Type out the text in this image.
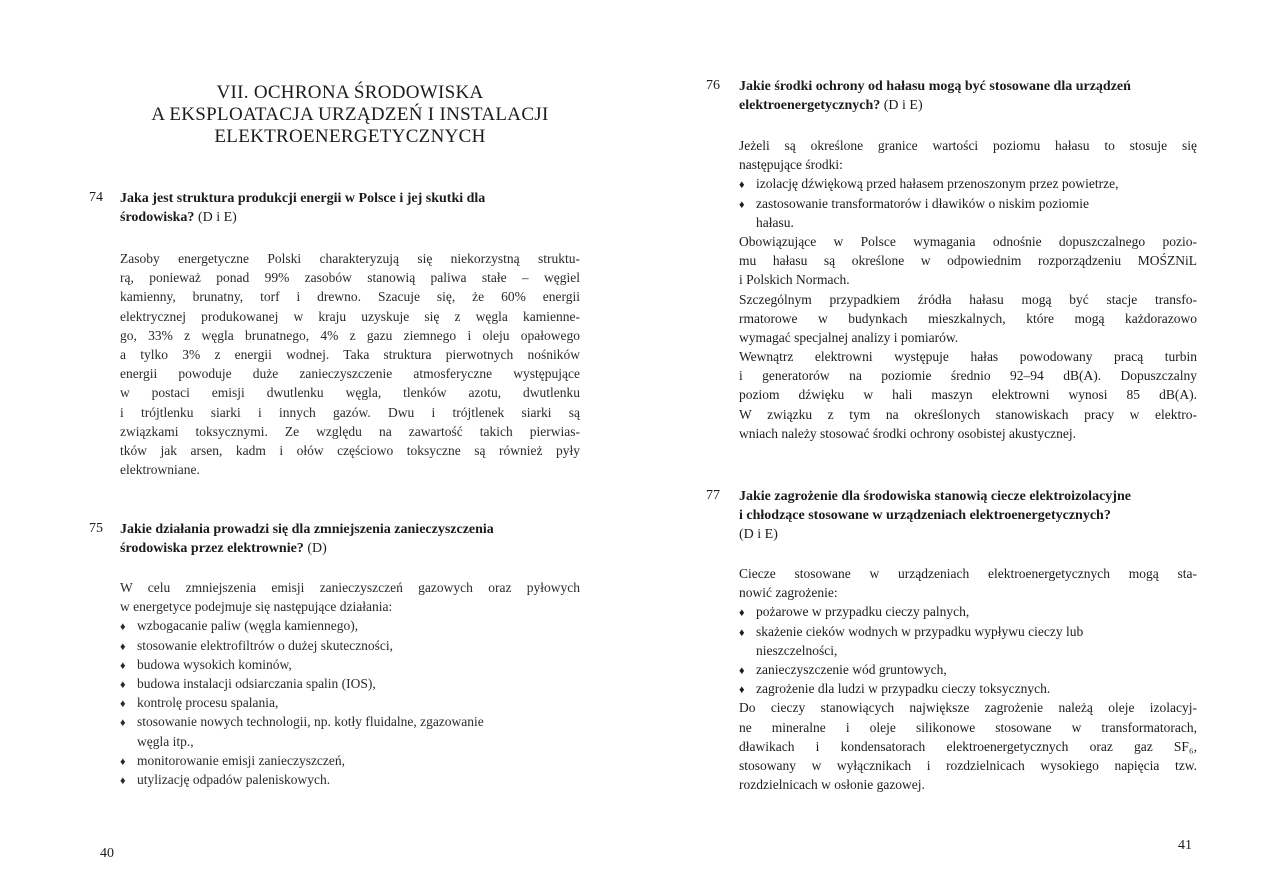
VII. OCHRONA ŚRODOWISKA
A EKSPLOATACJA URZĄDZEŃ I INSTALACJI
ELEKTROENERGETYCZNYCH
74 Jaka jest struktura produkcji energii w Polsce i jej skutki dla
środowiska? (D i E)
Zasoby energetyczne Polski charakteryzują się niekorzystną struktu-
rą, ponieważ ponad 99% zasobów stanowią paliwa stałe – węgiel
kamienny, brunatny, torf i drewno. Szacuje się, że 60% energii
elektrycznej produkowanej w kraju uzyskuje się z węgla kamienne-
go, 33% z węgla brunatnego, 4% z gazu ziemnego i oleju opałowego
a tylko 3% z energii wodnej. Taka struktura pierwotnych nośników
energii powoduje duże zanieczyszczenie atmosferyczne występujące
w postaci emisji dwutlenku węgla, tlenków azotu, dwutlenku
i trójtlenku siarki i innych gazów. Dwu i trójtlenek siarki są
związkami toksycznymi. Ze względu na zawartość takich pierwias-
tków jak arsen, kadm i ołów częściowo toksyczne są również pyły
elektrowniane.
75 Jakie działania prowadzi się dla zmniejszenia zanieczyszczenia
środowiska przez elektrownie? (D)
W celu zmniejszenia emisji zanieczyszczeń gazowych oraz pyłowych
w energetyce podejmuje się następujące działania:
♦ wzbogacanie paliw (węgla kamiennego),
♦ stosowanie elektrofiltrów o dużej skuteczności,
♦ budowa wysokich kominów,
♦ budowa instalacji odsiarczania spalin (IOS),
♦ kontrolę procesu spalania,
♦ stosowanie nowych technologii, np. kotły fluidalne, zgazowanie
węgla itp.,
♦ monitorowanie emisji zanieczyszczeń,
♦ utylizację odpadów paleniskowych.
40
76 Jakie środki ochrony od hałasu mogą być stosowane dla urządzeń
elektroenergetycznych? (D i E)
Jeżeli są określone granice wartości poziomu hałasu to stosuje się
następujące środki:
♦ izolację dźwiękową przed hałasem przenoszonym przez powietrze,
♦ zastosowanie transformatorów i dławików o niskim poziomie
hałasu.
Obowiązujące w Polsce wymagania odnośnie dopuszczalnego pozio-
mu hałasu są określone w odpowiednim rozporządzeniu MOŚZNiL
i Polskich Normach.
Szczególnym przypadkiem źródła hałasu mogą być stacje transfo-
rmatorowe w budynkach mieszkalnych, które mogą każdorazowo
wymagać specjalnej analizy i pomiarów.
Wewnątrz elektrowni występuje hałas powodowany pracą turbin
i generatorów na poziomie średnio 92–94 dB(A). Dopuszczalny
poziom dźwięku w hali maszyn elektrowni wynosi 85 dB(A).
W związku z tym na określonych stanowiskach pracy w elektro-
wniach należy stosować środki ochrony osobistej akustycznej.
77 Jakie zagrożenie dla środowiska stanowią ciecze elektroizolacyjne
i chłodzące stosowane w urządzeniach elektroenergetycznych?
(D i E)
Ciecze stosowane w urządzeniach elektroenergetycznych mogą sta-
nowić zagrożenie:
♦ pożarowe w przypadku cieczy palnych,
♦ skażenie cieków wodnych w przypadku wypływu cieczy lub
nieszczelności,
♦ zanieczyszczenie wód gruntowych,
♦ zagrożenie dla ludzi w przypadku cieczy toksycznych.
Do cieczy stanowiących największe zagrożenie należą oleje izolacyj-
ne mineralne i oleje silikonowe stosowane w transformatorach,
dławikach i kondensatorach elektroenergetycznych oraz gaz SF₆,
stosowany w wyłącznikach i rozdzielnicach wysokiego napięcia tzw.
rozdzielnicach w osłonie gazowej.
41
